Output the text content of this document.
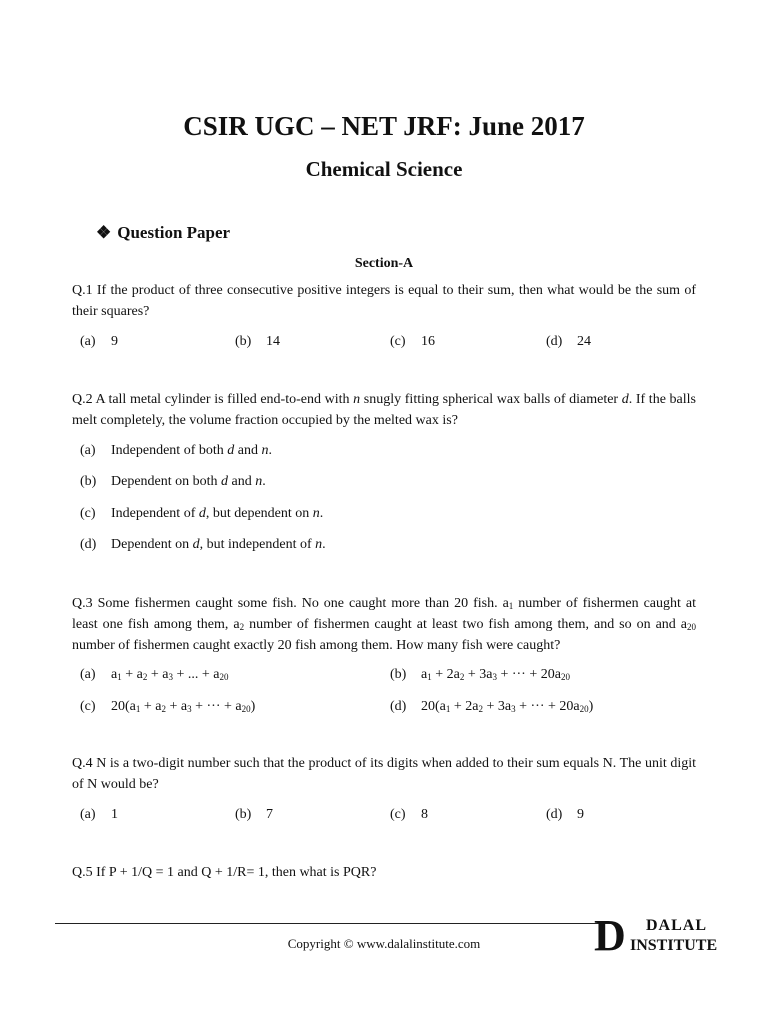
CSIR UGC – NET JRF: June 2017
Chemical Science
❖ Question Paper
Section-A
Q.1 If the product of three consecutive positive integers is equal to their sum, then what would be the sum of their squares?
(a) 9	(b) 14	(c) 16	(d) 24
Q.2 A tall metal cylinder is filled end-to-end with n snugly fitting spherical wax balls of diameter d. If the balls melt completely, the volume fraction occupied by the melted wax is?
(a) Independent of both d and n.
(b) Dependent on both d and n.
(c) Independent of d, but dependent on n.
(d) Dependent on d, but independent of n.
Q.3 Some fishermen caught some fish. No one caught more than 20 fish. $a_1$ number of fishermen caught at least one fish among them, $a_2$ number of fishermen caught at least two fish among them, and so on and $a_{20}$ number of fishermen caught exactly 20 fish among them. How many fish were caught?
(a) $a_1 + a_2 + a_3$ + ... + $a_{20}$	(b) $a_1 + 2a_2 + 3a_3$ + ··· + $20a_{20}$
(c) $20(a_1 + a_2 + a_3$ + ··· + $a_{20}$)	(d) $20(a_1 + 2a_2 + 3a_3$ + ··· + $20a_{20}$)
Q.4 N is a two-digit number such that the product of its digits when added to their sum equals N. The unit digit of N would be?
(a) 1	(b) 7	(c) 8	(d) 9
Q.5 If P + 1/Q = 1 and Q + 1/R= 1, then what is PQR?
Copyright © www.dalalinstitute.com	D DALAL
INSTITUTE
